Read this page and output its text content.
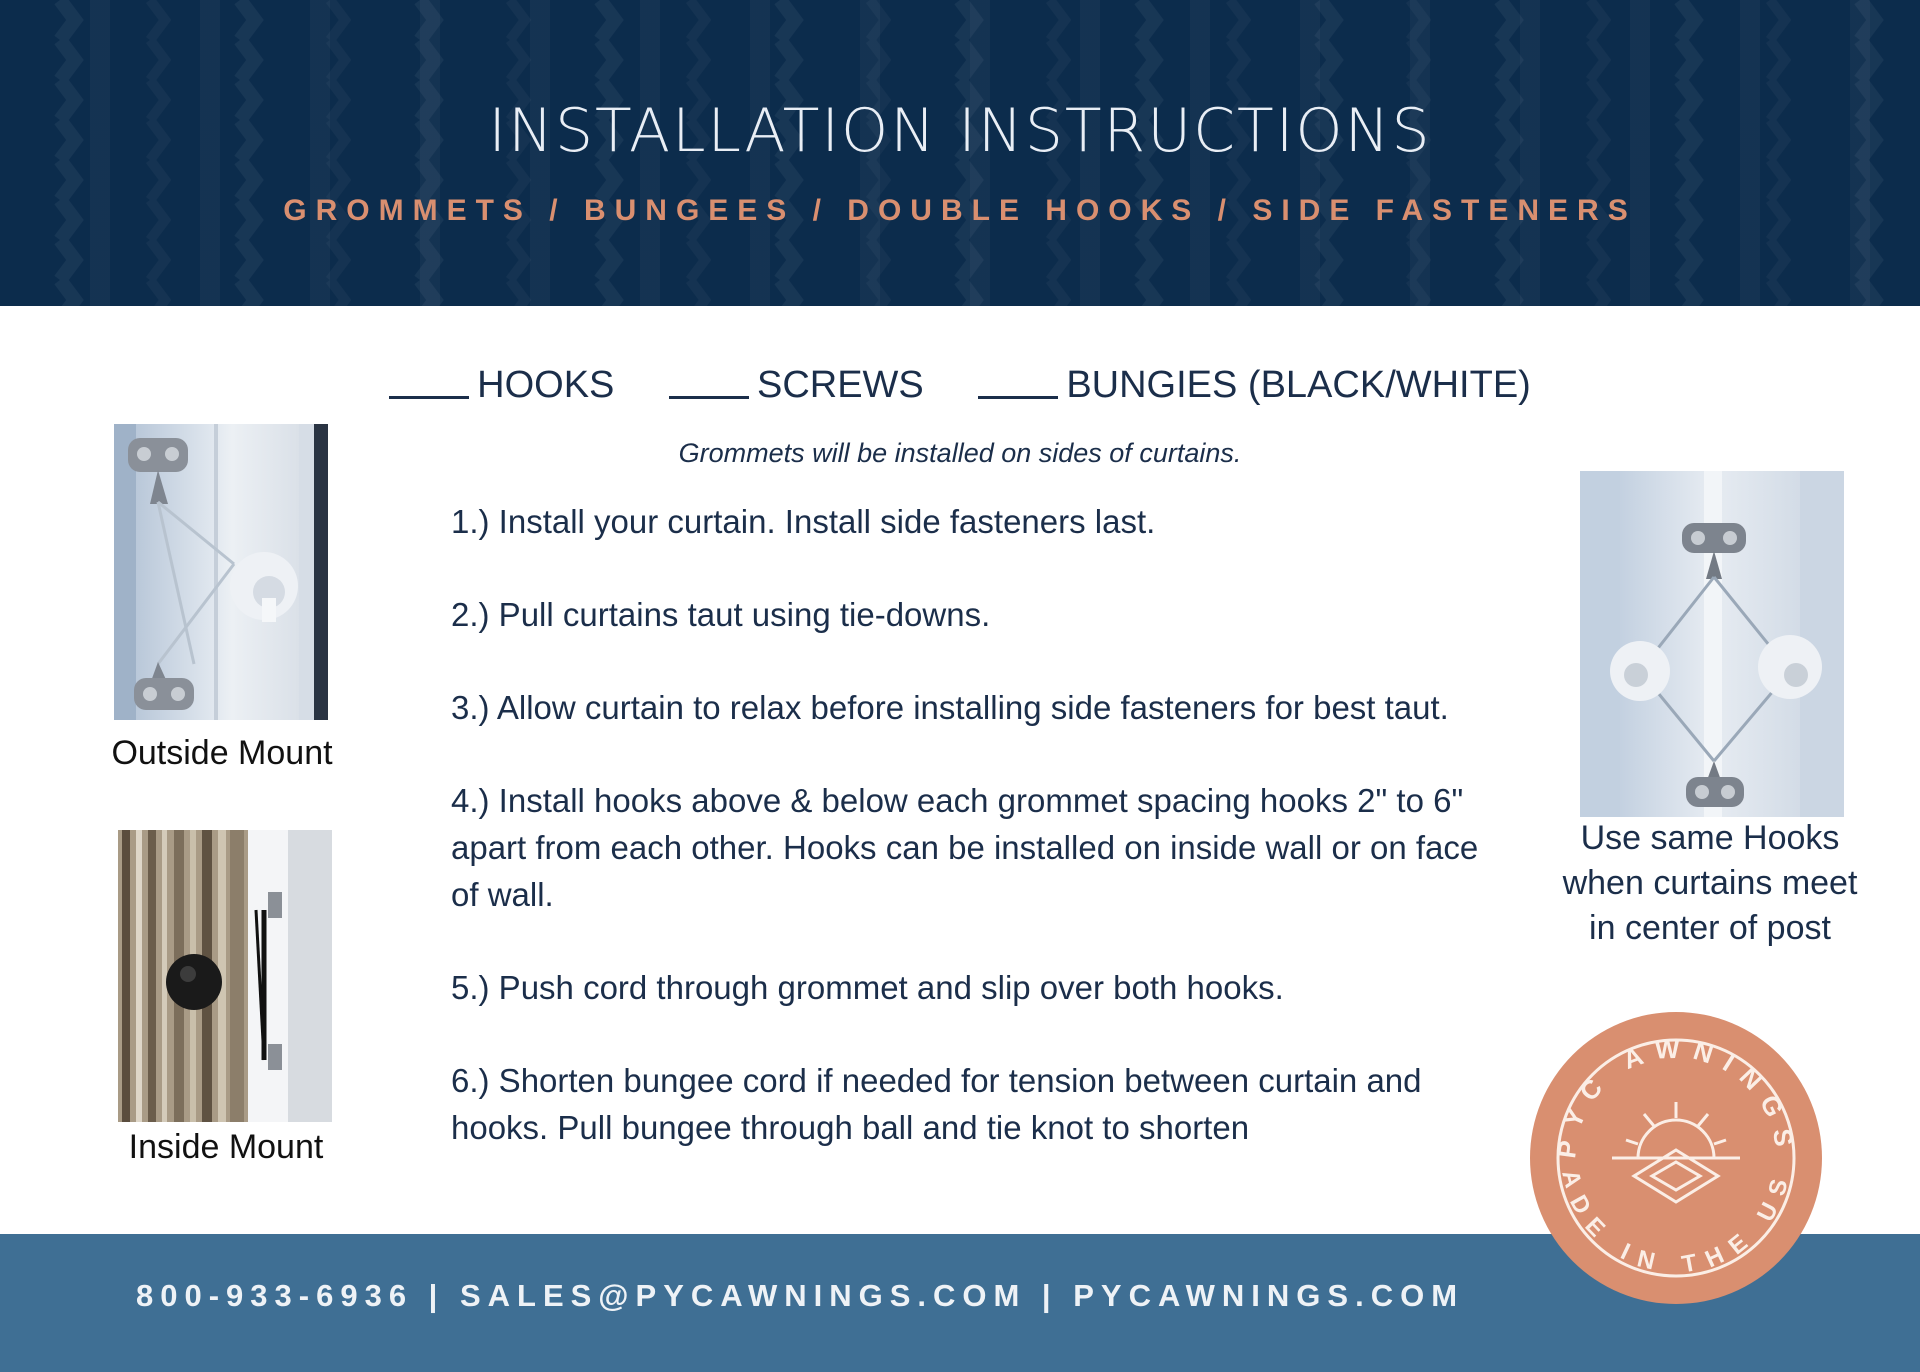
INSTALLATION INSTRUCTIONS
GROMMETS / BUNGEES / DOUBLE HOOKS / SIDE FASTENERS
HOOKS	SCREWS	BUNGIES (BLACK/WHITE)
Grommets will be installed on sides of curtains.

1.) Install your curtain. Install side fasteners last.

2.) Pull curtains taut using tie-downs.

3.) Allow curtain to relax before installing side fasteners for best taut.

4.) Install hooks above & below each grommet spacing hooks 2" to 6" apart from each other. Hooks can be installed on inside wall or on face of wall.

5.) Push cord through grommet and slip over both hooks.

6.) Shorten bungee cord if needed for tension between curtain and hooks. Pull bungee through ball and tie knot to shorten

Outside Mount
Inside Mount
Use same Hooks
when curtains meet
in center of post
800-933-6936 | SALES@PYCAWNINGS.COM | PYCAWNINGS.COM
PYC AWNINGS
ADE IN THE US
